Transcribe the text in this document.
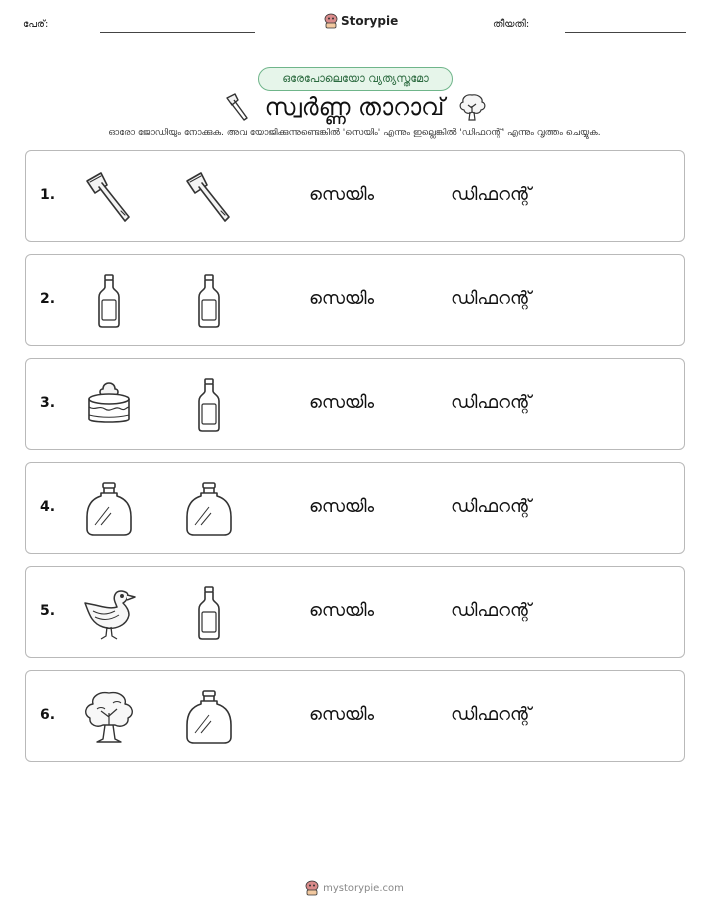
പേര്:	Storypie	തീയതി:
ഒരേപോലെയോ വ്യത്യസ്തമോ
സ്വർണ്ണ താറാവ്
ഓരോ ജോഡിയും നോക്കുക. അവ യോജിക്കുന്നുണ്ടെങ്കിൽ 'സെയിം' എന്നും ഇല്ലെങ്കിൽ 'ഡിഫറന്റ്' എന്നും വൃത്തം ചെയ്യുക.
1.	സെയിം	ഡിഫറന്റ്
2.	സെയിം	ഡിഫറന്റ്
3.	സെയിം	ഡിഫറന്റ്
4.	സെയിം	ഡിഫറന്റ്
5.	സെയിം	ഡിഫറന്റ്
6.	സെയിം	ഡിഫറന്റ്
mystorypie.com
